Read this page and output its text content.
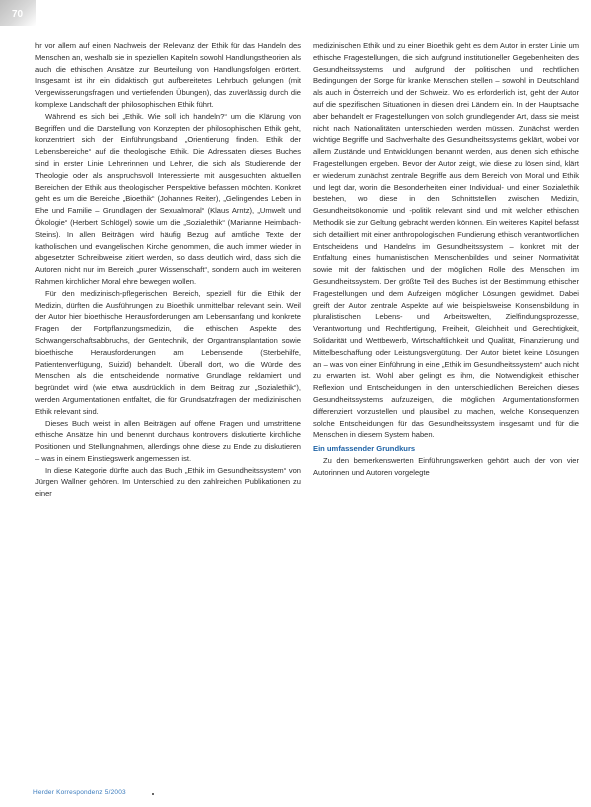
70

hr vor allem auf einen Nachweis der Relevanz der Ethik für das Handeln des Menschen an, weshalb sie in speziellen Kapiteln sowohl Handlungstheorien als auch die ethischen Ansätze zur Beurteilung von Handlungsfolgen erörtert. Insgesamt ist ihr ein didaktisch gut aufbereitetes Lehrbuch gelungen (mit Vergewisserungsfragen und vertiefenden Übungen), das zuverlässig durch die komplexe Landschaft der philosophischen Ethik führt.

Während es sich bei „Ethik. Wie soll ich handeln?“ um die Klärung von Begriffen und die Darstellung von Konzepten der philosophischen Ethik geht, konzentriert sich der Einführungsband „Orientierung finden. Ethik der Lebensbereiche“ auf die theologische Ethik. Die Adressaten dieses Buches sind in erster Linie Lehrerinnen und Lehrer, die sich als Studierende der Theologie oder als anspruchsvoll Interessierte mit ausgesuchten aktuellen Bereichen der Ethik aus theologischer Perspektive befassen möchten. Konkret geht es um die Bereiche „Bioethik“ (Johannes Reiter), „Gelingendes Leben in Ehe und Familie – Grundlagen der Sexualmoral“ (Klaus Arntz), „Umwelt und Ökologie“ (Herbert Schlögel) sowie um die „Sozialethik“ (Marianne Heimbach-Steins). In allen Beiträgen wird häufig Bezug auf amtliche Texte der katholischen und evangelischen Kirche genommen, die auch immer wieder in abgesetzter Schreibweise zitiert werden, so dass deutlich wird, dass sich die Autoren nicht nur im Bereich „purer Wissenschaft“, sondern auch im weiteren Rahmen kirchlicher Moral ehre bewegen wollen.

Für den medizinisch-pflegerischen Bereich, speziell für die Ethik der Medizin, dürften die Ausführungen zu Bioethik unmittelbar relevant sein. Weil der Autor hier bioethische Herausforderungen am Lebensanfang und konkrete Fragen der Fortpflanzungsmedizin, die ethischen Aspekte des Schwangerschaftsabbruchs, der Gentechnik, der Organtransplantation sowie bioethische Herausforderungen am Lebensende (Sterbehilfe, Patientenverfügung, Suizid) behandelt. Überall dort, wo die Würde des Menschen als die entscheidende normative Grundlage reklamiert und begründet wird (wie etwa ausdrücklich in dem Beitrag zur „Sozialethik“), werden Argumentationen entfaltet, die für Grundsatzfragen der medizinischen Ethik relevant sind.

Dieses Buch weist in allen Beiträgen auf offene Fragen und umstrittene ethische Ansätze hin und benennt durchaus kontrovers diskutierte kirchliche Positionen und Stellungnahmen, allerdings ohne diese zu Ende zu diskutieren – was in einem Einstiegswerk angemessen ist.

In diese Kategorie dürfte auch das Buch „Ethik im Gesundheitssystem“ von Jürgen Wallner gehören. Im Unterschied zu den zahlreichen Publikationen zu einer

medizinischen Ethik und zu einer Bioethik geht es dem Autor in erster Linie um ethische Fragestellungen, die sich aufgrund institutioneller Gegebenheiten des Gesundheitssystems und aufgrund der politischen und rechtlichen Bedingungen der Sorge für kranke Menschen stellen – sowohl in Deutschland als auch in Österreich und der Schweiz. Wo es erforderlich ist, geht der Autor auf die spezifischen Situationen in diesen drei Ländern ein. In der Hauptsache aber behandelt er Fragestellungen von solch grundlegender Art, dass sie meist nicht nach Nationalitäten unterschieden werden müssen. Zunächst werden wichtige Begriffe und Sachverhalte des Gesundheitssystems geklärt, wobei vor allem Zustände und Entwicklungen benannt werden, aus denen sich ethische Fragestellungen ergeben. Bevor der Autor zeigt, wie diese zu lösen sind, klärt er wiederum zunächst zentrale Begriffe aus dem Bereich von Moral und Ethik und legt dar, worin die Besonderheiten einer Individual- und einer Sozialethik bestehen, wo diese in den Schnittstellen zwischen Medizin, Gesundheitsökonomie und -politik relevant sind und mit welcher ethischen Methodik sie zur Geltung gebracht werden können. Ein weiteres Kapitel befasst sich detailliert mit einer anthropologischen Fundierung ethisch verantwortlichen Entscheidens und Handelns im Gesundheitssystem – konkret mit der Entfaltung eines humanistischen Menschenbildes und seiner Normativität sowie mit der faktischen und der möglichen Rolle des Menschen im Gesundheitssystem. Der größte Teil des Buches ist der Bestimmung ethischer Fragestellungen und dem Aufzeigen möglicher Lösungen gewidmet. Dabei greift der Autor zentrale Aspekte auf wie beispielsweise Konsensbildung in pluralistischen Lebens- und Arbeitswelten, Zielfindungsprozesse, Verantwortung und Rechtfertigung, Freiheit, Gleichheit und Gerechtigkeit, Solidarität und Wettbewerb, Wirtschaftlichkeit und Qualität, Finanzierung und Mittelbeschaffung oder Leistungsvergütung. Der Autor bietet keine Lösungen an – was von einer Einführung in eine „Ethik im Gesundheitssystem“ auch nicht zu erwarten ist. Wohl aber gelingt es ihm, die Notwendigkeit ethischer Reflexion und Entscheidungen in den unterschiedlichen Bereichen dieses Gesundheitssystems aufzuzeigen, die möglichen Argumentationsformen differenziert vorzustellen und plausibel zu machen, welche Konsequenzen solche Entscheidungen für das Gesundheitssystem insgesamt und für die Menschen in diesem System haben.

Ein umfassender Grundkurs

Zu den bemerkenswerten Einführungswerken gehört auch der von vier Autorinnen und Autoren vorgelegte

Herder Korrespondenz 5/2003
